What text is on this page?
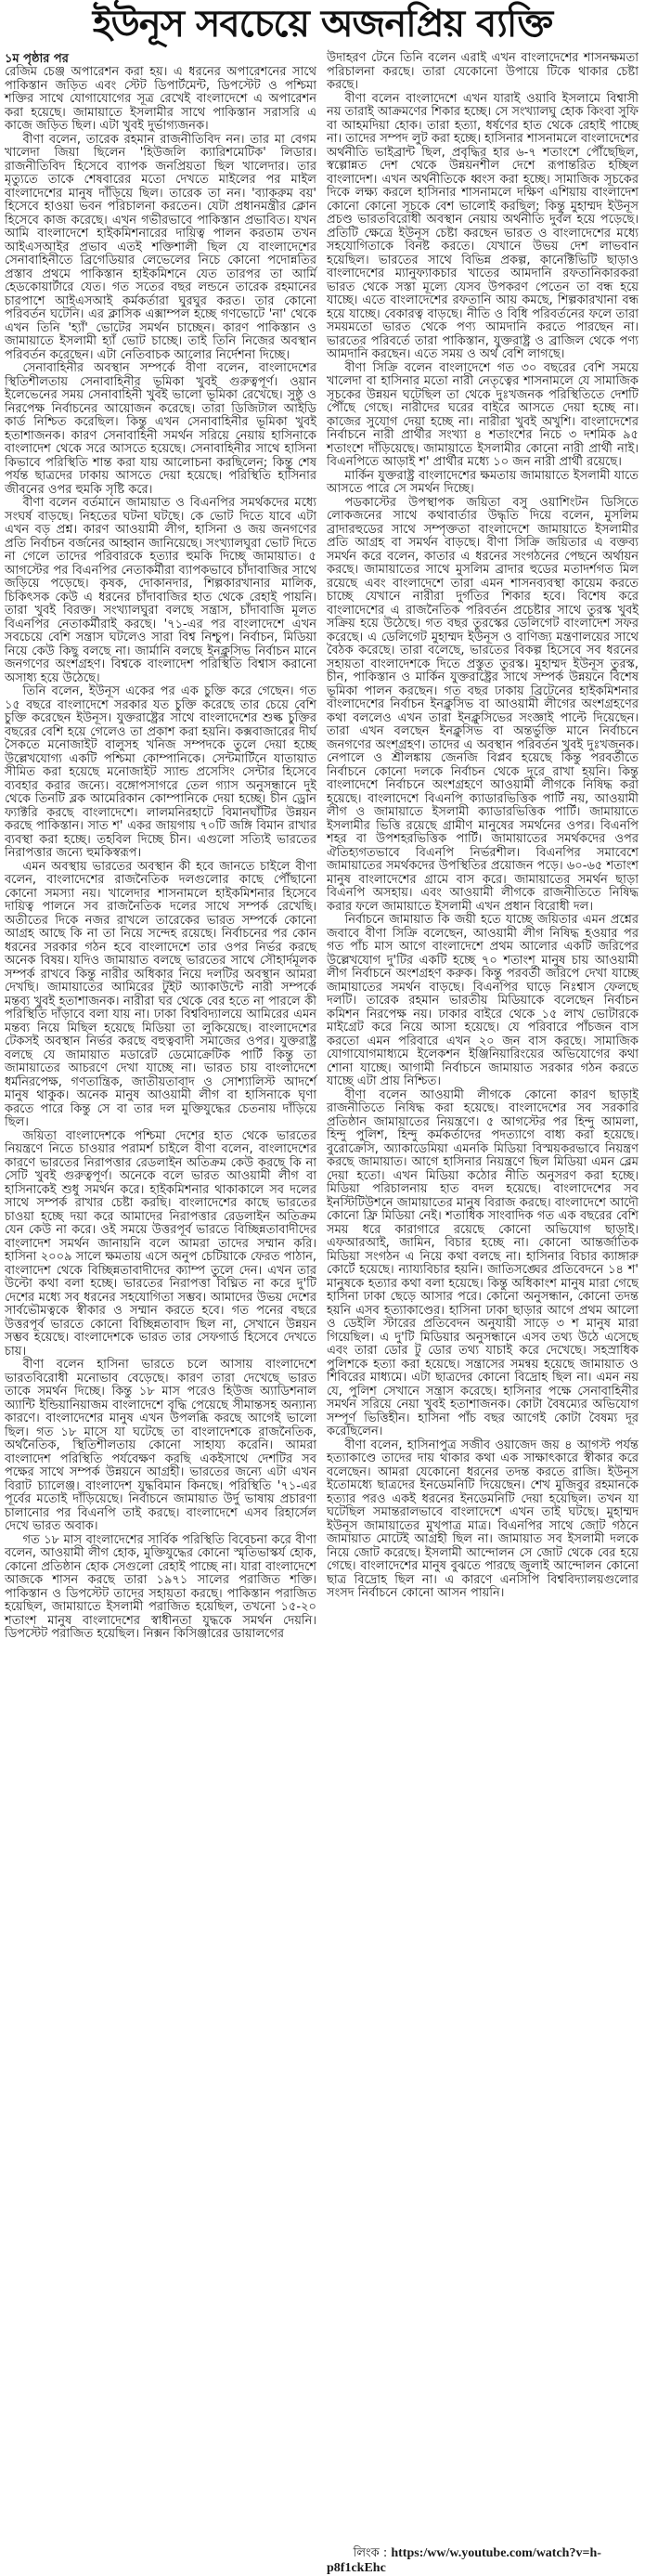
ইউনূস সবচেয়ে অজনপ্রিয় ব্যক্তি
১ম পৃষ্ঠার পর

রেজিম চেঞ্জ অপারেশন করা হয়। এ ধরনের অপারেশনের সাথে পাকিস্তান জড়িত এবং স্টেট ডিপার্টমেন্ট, ডিপস্টেট ও পশ্চিমা শক্তির সাথে যোগাযোগের সূত্র রেখেই বাংলাদেশে এ অপারেশন করা হয়েছে। জামায়াতে ইসলামীর সাথে পাকিস্তান সরাসরি এ কাজে জড়িত ছিল। এটা খুবই দুর্ভাগ্যজনক।

বীণা বলেন, তারেক রহমান রাজনীতিবিদ নন। তার মা বেগম খালেদা জিয়া ছিলেন 'হিউজলি ক্যারিশমেটিক' লিডার। রাজনীতিবিদ হিসেবে ব্যাপক জনপ্রিয়তা ছিল খালেদার। তার মৃত্যুতে তাকে শেষবারের মতো দেখতে মাইলের পর মাইল বাংলাদেশের মানুষ দাঁড়িয়ে ছিল। তারেক তা নন। 'ব্যাকরুম বয়' হিসেবে হাওয়া ভবন পরিচালনা করতেন। যেটা প্রধানমন্ত্রীর ক্লোন হিসেবে কাজ করেছে। এখন গভীরভাবে পাকিস্তান প্রভাবিত। যখন আমি বাংলাদেশে হাইকমিশনারের দায়িত্ব পালন করতাম তখন আইএসআইর প্রভাব এতই শক্তিশালী ছিল যে বাংলাদেশের সেনাবাহিনীতে ব্রিগেডিয়ার লেভেলের নিচে কোনো পদোন্নতির প্রস্তাব প্রথমে পাকিস্তান হাইকমিশনে যেত তারপর তা আর্মি হেডকোয়ার্টারে যেত। গত সতের বছর লন্ডনে তারেক রহমানের চারপাশে আইএসআই কর্মকর্তারা ঘুরঘুর করত। তার কোনো পরিবর্তন ঘটেনি। এর ক্লাসিক এক্সাম্পল হচ্ছে গণভোটে 'না' থেকে এখন তিনি 'হ্যাঁ' ভোটের সমর্থন চাচ্ছেন। কারণ পাকিস্তান ও জামায়াতে ইসলামী হ্যাঁ ভোট চাচ্ছে। তাই তিনি নিজের অবস্থান পরিবর্তন করেছেন। এটা নেতিবাচক আলোর নির্দেশনা দিচ্ছে।

সেনাবাহিনীর অবস্থান সম্পর্কে বীণা বলেন, বাংলাদেশের স্থিতিশীলতায় সেনাবাহিনীর ভূমিকা খুবই গুরুত্বপূর্ণ। ওয়ান ইলেভেনের সময় সেনাবাহিনী খুবই ভালো ভূমিকা রেখেছে। সুষ্ঠু ও নিরপেক্ষ নির্বাচনের আয়োজন করেছে। তারা ডিজিটাল আইডি কার্ড নিশ্চিত করেছিল। কিন্তু এখন সেনাবাহিনীর ভূমিকা খুবই হতাশাজনক। কারণ সেনাবাহিনী সমর্থন সরিয়ে নেয়ায় হাসিনাকে বাংলাদেশ থেকে সরে আসতে হয়েছে। সেনাবাহিনীর সাথে হাসিনা কিভাবে পরিস্থিতি শান্ত করা যায় আলোচনা করছিলেন; কিন্তু শেষ পর্যন্ত ছাত্রদের ঢাকায় আসতে দেয়া হয়েছে। পরিস্থিতি হাসিনার জীবনের ওপর হুমকি সৃষ্টি করে।

বীণা বলেন বর্তমানে জামায়াত ও বিএনপির সমর্থকদের মধ্যে সংঘর্ষ বাড়ছে। নিহতের ঘটনা ঘটছে। কে ভোট দিতে যাবে এটা এখন বড় প্রশ্ন। কারণ আওয়ামী লীগ, হাসিনা ও জয় জনগণের প্রতি নির্বাচন বর্জনের আহ্বান জানিয়েছে। সংখ্যালঘুরা ভোট দিতে না গেলে তাদের পরিবারকে হত্যার হুমকি দিচ্ছে জামায়াত। ৫ আগস্টের পর বিএনপির নেতাকর্মীরা ব্যাপকভাবে চাঁদাবাজির সাথে জড়িয়ে পড়েছে। কৃষক, দোকানদার, শিল্পকারখানার মালিক, চিকিৎসক কেউ এ ধরনের চাঁদাবাজির হাত থেকে রেহাই পায়নি। তারা খুবই বিরক্ত। সংখ্যালঘুরা বলছে সন্ত্রাস, চাঁদাবাজি মূলত বিএনপির নেতাকর্মীরাই করছে। '৭১-এর পর বাংলাদেশে এখন সবচেয়ে বেশি সন্ত্রাস ঘটলেও সারা বিশ্ব নিশ্চুপ। নির্বাচন, মিডিয়া নিয়ে কেউ কিছু বলছে না। জার্মানি বলছে ইনক্লুসিভ নির্বাচন মানে জনগণের অংশগ্রহণ। বিশ্বকে বাংলাদেশ পরিস্থিতি বিশ্বাস করানো অসাধ্য হয়ে উঠেছে।

তিনি বলেন, ইউনূস একের পর এক চুক্তি করে গেছেন। গত ১৫ বছরে বাংলাদেশে সরকার যত চুক্তি করেছে তার চেয়ে বেশি চুক্তি করেছেন ইউনূস। যুক্তরাষ্ট্রের সাথে বাংলাদেশের শুল্ক চুক্তির বছরের বেশি হয়ে গেলেও তা প্রকাশ করা হয়নি। কক্সবাজারের দীর্ঘ সৈকতে মনোজাইট বালুসহ খনিজ সম্পদকে তুলে দেয়া হচ্ছে উল্লেখযোগ্য একটি পশ্চিমা কোম্পানিকে। সেন্টমার্টিনে যাতায়াত সীমিত করা হয়েছে মনোজাইট স্যান্ড প্রসেসিং সেন্টার হিসেবে ব্যবহার করার জন্যে। বঙ্গোপসাগরে তেল গ্যাস অনুসন্ধানে দুই থেকে তিনটি ব্লক আমেরিকান কোম্পানিকে দেয়া হচ্ছে। চীন ড্রোন ফ্যাক্টরি করছে বাংলাদেশে। লালমনিরহাটে বিমানঘাঁটির উন্নয়ন করছে পাকিস্তান। সাত শ' একর জায়গায় ৭০টি জঙ্গি বিমান রাখার ব্যবস্থা করা হচ্ছে। তহবিল দিচ্ছে চীন। এগুলো সত্যিই ভারতের নিরাপত্তার জন্যে হুমকিস্বরূপ।

এমন অবস্থায় ভারতের অবস্থান কী হবে জানতে চাইলে বীণা বলেন, বাংলাদেশের রাজনৈতিক দলগুলোর কাছে পৌঁছানো কোনো সমস্যা নয়। খালেদার শাসনামলে হাইকমিশনার হিসেবে দায়িত্ব পালনে সব রাজনৈতিক দলের সাথে সম্পর্ক রেখেছি। অতীতের দিকে নজর রাখলে তারেকের ভারত সম্পর্কে কোনো আগ্রহ আছে কি না তা নিয়ে সন্দেহ রয়েছে। নির্বাচনের পর কোন ধরনের সরকার গঠন হবে বাংলাদেশে তার ওপর নির্ভর করছে অনেক বিষয়। যদিও জামায়াত বলছে ভারতের সাথে সৌহার্দমূলক সম্পর্ক রাখবে কিন্তু নারীর অধিকার নিয়ে দলটির অবস্থান আমরা দেখছি। জামায়াতের আমিরের টুইট অ্যাকাউন্টে নারী সম্পর্কে মন্তব্য খুবই হতাশাজনক। নারীরা ঘর থেকে বের হতে না পারলে কী পরিস্থিতি দাঁড়াবে বলা যায় না। ঢাকা বিশ্ববিদ্যালয়ে আমিরের এমন মন্তব্য নিয়ে মিছিল হয়েছে মিডিয়া তা লুকিয়েছে। বাংলাদেশের টেকসই অবস্থান নির্ভর করছে বহুত্ববাদী সমাজের ওপর। যুক্তরাষ্ট্র বলছে যে জামায়াত মডারেট ডেমোক্রেটিক পার্টি কিন্তু তা জামায়াতের আচরণে দেখা যাচ্ছে না। ভারত চায় বাংলাদেশে ধর্মনিরপেক্ষ, গণতান্ত্রিক, জাতীয়তাবাদ ও সোশ্যালিস্ট আদর্শে মানুষ থাকুক। অনেক মানুষ আওয়ামী লীগ বা হাসিনাকে ঘৃণা করতে পারে কিন্তু সে বা তার দল মুক্তিযুদ্ধের চেতনায় দাঁড়িয়ে ছিল।

জয়িতা বাংলাদেশকে পশ্চিমা দেশের হাত থেকে ভারতের নিয়ন্ত্রণে নিতে চাওয়ার পরামর্শ চাইলে বীণা বলেন, বাংলাদেশের কারণে ভারতের নিরাপত্তার রেডলাইন অতিক্রম কেউ করছে কি না সেটি খুবই গুরুত্বপূর্ণ। অনেকে বলে ভারত আওয়ামী লীগ বা হাসিনাকেই শুধু সমর্থন করে। হাইকমিশনার থাকাকালে সব দলের সাথে সম্পর্ক রাখার চেষ্টা করছি। বাংলাদেশের কাছে ভারতের চাওয়া হচ্ছে দয়া করে আমাদের নিরাপত্তার রেডলাইন অতিক্রম যেন কেউ না করে। ওই সময়ে উত্তরপূর্ব ভারতে বিচ্ছিন্নতাবাদীদের বাংলাদেশ সমর্থন জানায়নি বলে আমরা তাদের সম্মান করি। হাসিনা ২০০৯ সালে ক্ষমতায় এসে অনুপ চেটিয়াকে ফেরত পাঠান, বাংলাদেশ থেকে বিচ্ছিন্নতাবাদীদের ক্যাম্প তুলে দেন। এখন তার উল্টো কথা বলা হচ্ছে। ভারতের নিরাপত্তা বিঘ্নিত না করে দু'টি দেশের মধ্যে সব ধরনের সহযোগিতা সম্ভব। আমাদের উভয় দেশের সার্বভৌমত্বকে স্বীকার ও সম্মান করতে হবে। গত পনের বছরে উত্তরপূর্ব ভারতে কোনো বিচ্ছিন্নতাবাদ ছিল না, সেখানে উন্নয়ন সম্ভব হয়েছে। বাংলাদেশকে ভারত তার সেফগার্ড হিসেবে দেখতে চায়।

বীণা বলেন হাসিনা ভারতে চলে আসায় বাংলাদেশে ভারতবিরোধী মনোভাব বেড়েছে। কারণ তারা দেখেছে ভারত তাকে সমর্থন দিচ্ছে। কিন্তু ১৮ মাস পরেও হিউজ অ্যাডিশনাল অ্যান্টি ইন্ডিয়ানিয়াজম বাংলাদেশে বৃদ্ধি পেয়েছে সীমান্তসহ অন্যান্য কারণে। বাংলাদেশের মানুষ এখন উপলব্ধি করছে আগেই ভালো ছিল। গত ১৮ মাসে যা ঘটেছে তা বাংলাদেশকে রাজনৈতিক, অর্থনৈতিক, স্থিতিশীলতায় কোনো সাহায্য করেনি। আমরা বাংলাদেশ পরিস্থিতি পর্যবেক্ষণ করছি একইসাথে দেশটির সব পক্ষের সাথে সম্পর্ক উন্নয়নে আগ্রহী। ভারতের জন্যে এটা এখন বিরাট চ্যালেঞ্জ। বাংলাদেশ যুদ্ধবিমান কিনছে। পরিস্থিতি '৭১-এর পূর্বের মতোই দাঁড়িয়েছে। নির্বাচনে জামায়াত উর্দু ভাষায় প্রচারণা চালানোর পর বিএনপি তাই করছে। বাংলাদেশে এসব রিহার্সেল দেখে ভারত অবাক।

গত ১৮ মাস বাংলাদেশের সার্বিক পরিস্থিতি বিবেচনা করে বীণা বলেন, আওয়ামী লীগ হোক, মুক্তিযুদ্ধের কোনো স্মৃতিভাস্কর্য হোক, কোনো প্রতিষ্ঠান হোক সেগুলো রেহাই পাচ্ছে না। যারা বাংলাদেশে আজকে শাসন করছে তারা ১৯৭১ সালের পরাজিত শক্তি। পাকিস্তান ও ডিপস্টেট তাদের সহায়তা করছে। পাকিস্তান পরাজিত হয়েছিল, জামায়াতে ইসলামী পরাজিত হয়েছিল, তখনো ১৫-২০ শতাংশ মানুষ বাংলাদেশের স্বাধীনতা যুদ্ধকে সমর্থন দেয়নি। ডিপস্টেট পরাজিত হয়েছিল। নিক্সন কিসিঞ্জারের ডায়ালগের

উদাহরণ টেনে তিনি বলেন এরাই এখন বাংলাদেশের শাসনক্ষমতা পরিচালনা করছে। তারা যেকোনো উপায়ে টিকে থাকার চেষ্টা করছে।

বীণা বলেন বাংলাদেশে এখন যারাই ওয়াবি ইসলামে বিশ্বাসী নয় তারাই আক্রমণের শিকার হচ্ছে। সে সংখ্যালঘু হোক কিংবা সুফি বা আহমদিয়া হোক। তারা হত্যা, ধর্ষণের হাত থেকে রেহাই পাচ্ছে না। তাদের সম্পদ লুট করা হচ্ছে। হাসিনার শাসনামলে বাংলাদেশের অর্থনীতি ভাইব্রান্ট ছিল, প্রবৃদ্ধির হার ৬-৭ শতাংশে পৌঁছেছিল, স্বল্পোন্নত দেশ থেকে উন্নয়নশীল দেশে রূপান্তরিত হচ্ছিল বাংলাদেশ। এখন অর্থনীতিকে ধ্বংস করা হচ্ছে। সামাজিক সূচকের দিকে লক্ষ্য করলে হাসিনার শাসনামলে দক্ষিণ এশিয়ায় বাংলাদেশ কোনো কোনো সূচকে বেশ ভালোই করছিল; কিন্তু মুহাম্মদ ইউনূস প্রচণ্ড ভারতবিরোধী অবস্থান নেয়ায় অর্থনীতি দুর্বল হয়ে পড়েছে। প্রতিটি ক্ষেত্রে ইউনূস চেষ্টা করছেন ভারত ও বাংলাদেশের মধ্যে সহযোগিতাকে বিনষ্ট করতে। যেখানে উভয় দেশ লাভবান হয়েছিল। ভারতের সাথে বিভিন্ন প্রকল্প, কানেক্টিভিটি ছাড়াও বাংলাদেশের ম্যানুফ্যাকচার খাতের আমদানি রফতানিকারকরা ভারত থেকে সস্তা মূল্যে যেসব উপকরণ পেতেন তা বন্ধ হয়ে যাচ্ছে। এতে বাংলাদেশের রফতানি আয় কমছে, শিল্পকারখানা বন্ধ হয়ে যাচ্ছে। বেকারত্ব বাড়ছে। নীতি ও বিধি পরিবর্তনের ফলে তারা সময়মতো ভারত থেকে পণ্য আমদানি করতে পারছেন না। ভারতের পরিবর্তে তারা পাকিস্তান, যুক্তরাষ্ট্র ও ব্রাজিল থেকে পণ্য আমদানি করছেন। এতে সময় ও অর্থ বেশি লাগছে।

বীণা সিক্রি বলেন বাংলাদেশে গত ৩০ বছরের বেশি সময়ে খালেদা বা হাসিনার মতো নারী নেতৃত্বের শাসনামলে যে সামাজিক সূচকের উন্নয়ন ঘটেছিল তা থেকে দুঃখজনক পরিস্থিতিতে দেশটি পৌঁছে গেছে। নারীদের ঘরের বাইরে আসতে দেয়া হচ্ছে না। কাজের সুযোগ দেয়া হচ্ছে না। নারীরা খুবই অখুশি। বাংলাদেশের নির্বাচনে নারী প্রার্থীর সংখ্যা ৪ শতাংশের নিচে ৩ দশমিক ৯৫ শতাংশে দাঁড়িয়েছে। জামায়াতে ইসলামীর কোনো নারী প্রার্থী নাই। বিএনপিতে আড়াই শ' প্রার্থীর মধ্যে ১০ জন নারী প্রার্থী রয়েছে।

মার্কিন যুক্তরাষ্ট্র বাংলাদেশের ক্ষমতায় জামায়াতে ইসলামী যাতে আসতে পারে সে সমর্থন দিচ্ছে।

পডকাস্টের উপস্থাপক জয়িতা বসু ওয়াশিংটন ডিসিতে লোকজনের সাথে কথাবার্তার উদ্ধৃতি দিয়ে বলেন, মুসলিম ব্রাদারহুডের সাথে সম্পৃক্ততা বাংলাদেশে জামায়াতে ইসলামীর প্রতি আগ্রহ বা সমর্থন বাড়ছে। বীণা সিক্রি জয়িতার এ বক্তব্য সমর্থন করে বলেন, কাতার এ ধরনের সংগঠনের পেছনে অর্থায়ন করছে। জামায়াতের সাথে মুসলিম ব্রাদার হুডের মতাদর্শগত মিল রয়েছে এবং বাংলাদেশে তারা এমন শাসনব্যবস্থা কায়েম করতে চাচ্ছে যেখানে নারীরা দুর্গতির শিকার হবে। বিশেষ করে বাংলাদেশের এ রাজনৈতিক পরিবর্তন প্রচেষ্টার সাথে তুরস্ক খুবই সক্রিয় হয়ে উঠেছে। গত বছর তুরস্কের ডেলিগেট বাংলাদেশ সফর করেছে। এ ডেলিগেট মুহাম্মদ ইউনূস ও বাণিজ্য মন্ত্রণালয়ের সাথে বৈঠক করেছে। তারা বলেছে, ভারতের বিকল্প হিসেবে সব ধরনের সহায়তা বাংলাদেশকে দিতে প্রস্তুত তুরস্ক। মুহাম্মদ ইউনূস তুরস্ক, চীন, পাকিস্তান ও মার্কিন যুক্তরাষ্ট্রের সাথে সম্পর্ক উন্নয়নে বিশেষ ভূমিকা পালন করছেন। গত বছর ঢাকায় ব্রিটেনের হাইকমিশনার বাংলাদেশের নির্বাচন ইনক্লুসিভ বা আওয়ামী লীগের অংশগ্রহণের কথা বললেও এখন তারা ইনক্লুসিভের সংজ্ঞাই পাল্টে দিয়েছেন। তারা এখন বলছেন ইনক্লুসিভ বা অন্তর্ভুক্তি মানে নির্বাচনে জনগণের অংশগ্রহণ। তাদের এ অবস্থান পরিবর্তন খুবই দুঃখজনক। নেপালে ও শ্রীলঙ্কায় জেনজি বিপ্লব হয়েছে কিন্তু পরবর্তীতে নির্বাচনে কোনো দলকে নির্বাচন থেকে দূরে রাখা হয়নি। কিন্তু বাংলাদেশে নির্বাচনে অংশগ্রহণে আওয়ামী লীগকে নিষিদ্ধ করা হয়েছে। বাংলাদেশে বিএনপি ক্যাডারভিত্তিক পার্টি নয়, আওয়ামী লীগ ও জামায়াতে ইসলামী ক্যাডারভিত্তিক পার্টি। জামায়াতে ইসলামীর ভিত্তি রয়েছে গ্রামীণ মানুষের সমর্থনের ওপর। বিএনপি শহর বা উপশহরভিত্তিক পার্টি। জামায়াতের সমর্থকদের ওপর ঐতিহ্যগতভাবে বিএনপি নির্ভরশীল। বিএনপির সমাবেশে জামায়াতের সমর্থকদের উপস্থিতির প্রয়োজন পড়ে। ৬০-৬৫ শতাংশ মানুষ বাংলাদেশের গ্রামে বাস করে। জামায়াতের সমর্থন ছাড়া বিএনপি অসহায়। এবং আওয়ামী লীগকে রাজনীতিতে নিষিদ্ধ করার ফলে জামায়াতে ইসলামী এখন প্রধান বিরোধী দল।

নির্বাচনে জামায়াত কি জয়ী হতে যাচ্ছে জয়িতার এমন প্রশ্নের জবাবে বীণা সিক্রি বলেছেন, আওয়ামী লীগ নিষিদ্ধ হওয়ার পর গত পাঁচ মাস আগে বাংলাদেশে প্রথম আলোর একটি জরিপের উল্লেখযোগ দু'টির একটি হচ্ছে ৭০ শতাংশ মানুষ চায় আওয়ামী লীগ নির্বাচনে অংশগ্রহণ করুক। কিন্তু পরবর্তী জরিপে দেখা যাচ্ছে জামায়াতের সমর্থন বাড়ছে। বিএনপির ঘাড়ে নিঃশ্বাস ফেলছে দলটি। তারেক রহমান ভারতীয় মিডিয়াকে বলেছেন নির্বাচন কমিশন নিরপেক্ষ নয়। ঢাকার বাইরে থেকে ১৫ লাখ ভোটারকে মাইগ্রেট করে নিয়ে আসা হয়েছে। যে পরিবারে পাঁচজন বাস করতো এমন পরিবারে এখন ২০ জন বাস করছে। সামাজিক যোগাযোগমাধ্যমে ইলেকশন ইঞ্জিনিয়ারিংয়ের অভিযোগের কথা শোনা যাচ্ছে। আগামী নির্বাচনে জামায়াত সরকার গঠন করতে যাচ্ছে এটা প্রায় নিশ্চিত।

বীণা বলেন আওয়ামী লীগকে কোনো কারণ ছাড়াই রাজনীতিতে নিষিদ্ধ করা হয়েছে। বাংলাদেশের সব সরকারি প্রতিষ্ঠান জামায়াতের নিয়ন্ত্রণে। ৫ আগস্টের পর হিন্দু আমলা, হিন্দু পুলিশ, হিন্দু কর্মকর্তাদের পদত্যাগে বাধ্য করা হয়েছে। বুরোক্রেসি, অ্যাকাডেমিয়া এমনকি মিডিয়া বিস্ময়করভাবে নিয়ন্ত্রণ করছে জামায়াত। আগে হাসিনার নিয়ন্ত্রণে ছিল মিডিয়া এমন ব্লেম দেয়া হতো। এখন মিডিয়া কঠোর নীতি অনুসরণ করা হচ্ছে। মিডিয়া পরিচালনায় হাত বদল হয়েছে। বাংলাদেশের সব ইনস্টিটিউশনে জামায়াতের মানুষ বিরাজ করছে। বাংলাদেশে আদৌ কোনো ফ্রি মিডিয়া নেই। শতাধিক সাংবাদিক গত এক বছরের বেশি সময় ধরে কারাগারে রয়েছে কোনো অভিযোগ ছাড়াই। এফআরআই, জামিন, বিচার হচ্ছে না। কোনো আন্তর্জাতিক মিডিয়া সংগঠন এ নিয়ে কথা বলছে না। হাসিনার বিচার ক্যাঙ্গারু কোর্টে হয়েছে। ন্যায্যবিচার হয়নি। জাতিসঙ্ঘের প্রতিবেদনে ১৪ শ' মানুষকে হত্যার কথা বলা হয়েছে। কিন্তু অধিকাংশ মানুষ মারা গেছে হাসিনা ঢাকা ছেড়ে আসার পরে। কোনো অনুসন্ধান, কোনো তদন্ত হয়নি এসব হত্যাকাণ্ডের। হাসিনা ঢাকা ছাড়ার আগে প্রথম আলো ও ডেইলি স্টারের প্রতিবেদন অনুযায়ী সাড়ে ৩ শ মানুষ মারা গিয়েছিল। এ দু'টি মিডিয়ার অনুসন্ধানে এসব তথ্য উঠে এসেছে এবং তারা ডোর টু ডোর তথ্য যাচাই করে দেখেছে। সহস্রাধিক পুলিশকে হত্যা করা হয়েছে। সন্ত্রাসের সমন্বয় হয়েছে জামায়াত ও শিবিরের মাধ্যমে। এটা ছাত্রদের কোনো বিদ্রোহ ছিল না। এমন নয় যে, পুলিশ সেখানে সন্ত্রাস করেছে। হাসিনার পক্ষে সেনাবাহিনীর সমর্থন সরিয়ে নেয়া খুবই হতাশাজনক। কোটা বৈষম্যের অভিযোগ সম্পূর্ণ ভিত্তিহীন। হাসিনা পাঁচ বছর আগেই কোটা বৈষম্য দূর করেছিলেন।

বীণা বলেন, হাসিনাপুত্র সজীব ওয়াজেদ জয় ৪ আগস্ট পর্যন্ত হত্যাকাণ্ডে তাদের দায় থাকার কথা এক সাক্ষাৎকারে স্বীকার করে বলেছেন। আমরা যেকোনো ধরনের তদন্ত করতে রাজি। ইউনূস ইতোমধ্যে ছাত্রদের ইনডেমনিটি দিয়েছেন। শেখ মুজিবুর রহমানকে হত্যার পরও একই ধরনের ইনডেমনিটি দেয়া হয়েছিল। তখন যা ঘটেছিল সমান্তরালভাবে বাংলাদেশে এখন তাই ঘটছে। মুহাম্মদ ইউনূস জামায়াতের মুখপাত্র মাত্র। বিএনপির সাথে জোট গঠনে জামায়াত মোটেই আগ্রহী ছিল না। জামায়াত সব ইসলামী দলকে নিয়ে জোট করেছে। ইসলামী আন্দোলন সে জোট থেকে বের হয়ে গেছে। বাংলাদেশের মানুষ বুঝতে পারছে জুলাই আন্দোলন কোনো ছাত্র বিদ্রোহ ছিল না। এ কারণে এনসিপি বিশ্ববিদ্যালয়গুলোর সংসদ নির্বাচনে কোনো আসন পায়নি।

লিংক : https:/ww/w.youtube.com/watch?v=h-p8f1ckEhc
